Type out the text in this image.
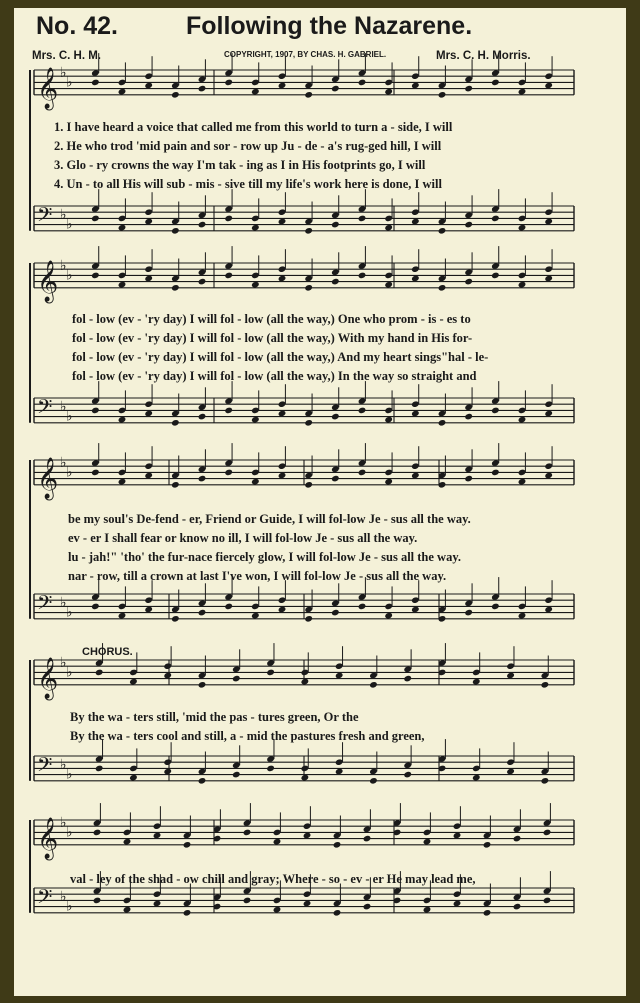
No. 42.	Following the Nazarene.
Mrs. C. H. M.	COPYRIGHT, 1907, BY CHAS. H. GABRIEL.	Mrs. C. H. Morris.
𝄞 ♭
♭
𝄢 ♭
♭
𝄞 ♭
♭
𝄢 ♭
♭
𝄞 ♭
♭
𝄢 ♭
♭
𝄞 ♭
♭
𝄢 ♭
♭
𝄞 ♭
♭
𝄢 ♭
♭
1. I have heard a voice that called me from this world to turn a - side, I will
2. He who trod 'mid pain and sor - row up Ju - de - a's rug-ged hill, I will
3. Glo - ry crowns the way I'm tak - ing as I in His footprints go, I will
4. Un - to all His will sub - mis - sive till my life's work here is done, I will
fol - low (ev - 'ry day) I will fol - low (all the way,) One who prom - is - es to
fol - low (ev - 'ry day) I will fol - low (all the way,) With my hand in His for-
fol - low (ev - 'ry day) I will fol - low (all the way,) And my heart sings"hal - le-
fol - low (ev - 'ry day) I will fol - low (all the way,) In the way so straight and
be my soul's De-fend - er, Friend or Guide, I will fol-low Je - sus all the way.
ev - er I shall fear or know no ill, I will fol-low Je - sus all the way.
lu - jah!" 'tho' the fur-nace fiercely glow, I will fol-low Je - sus all the way.
nar - row, till a crown at last I've won, I will fol-low Je - sus all the way.
CHORUS.
By the wa - ters still, 'mid the pas - tures green, Or the
By the wa - ters cool and still, a - mid the pastures fresh and green,
val - ley of the shad - ow chill and gray; Where - so - ev - er He may lead me,
